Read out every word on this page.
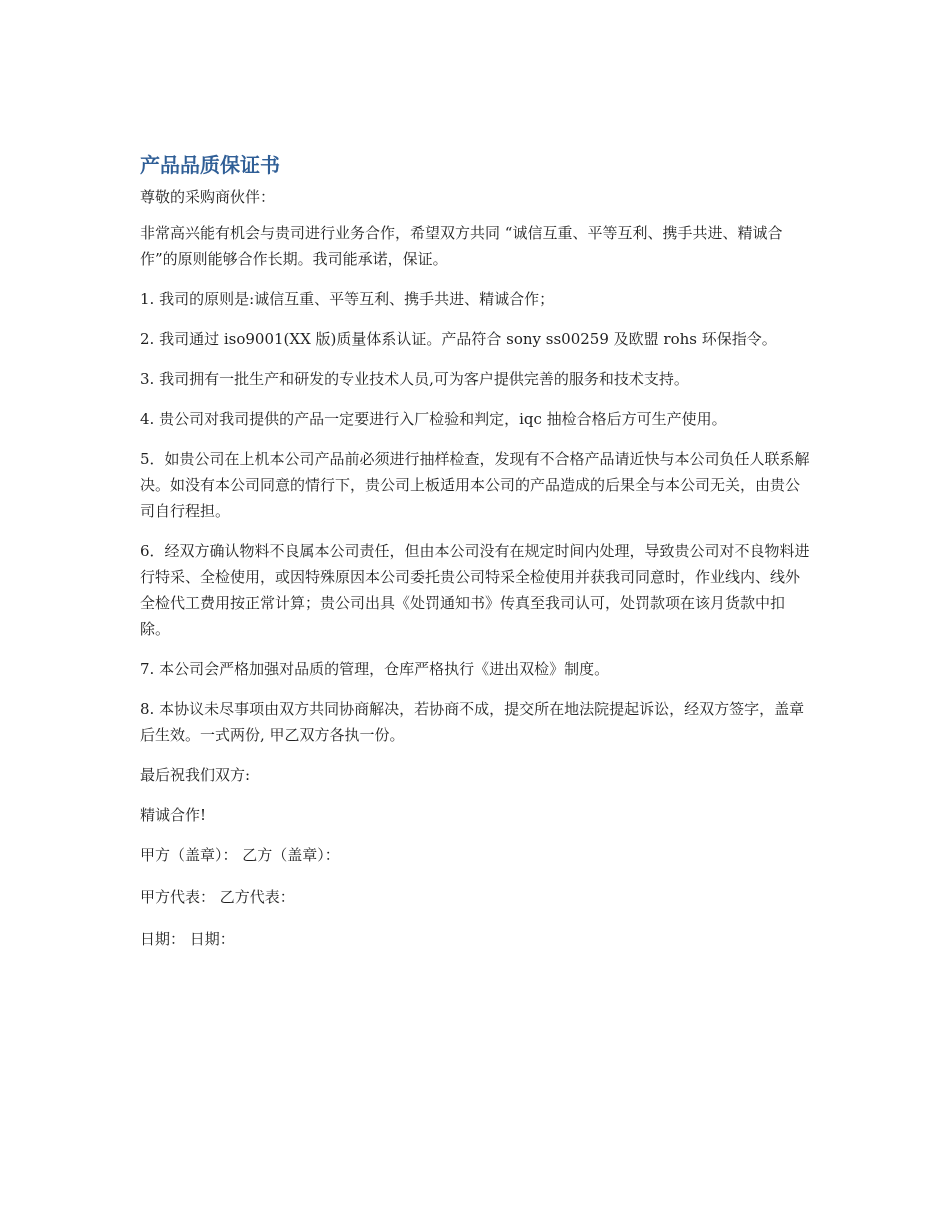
产品品质保证书

尊敬的采购商伙伴：

非常高兴能有机会与贵司进行业务合作，希望双方共同 “诚信互重、平等互利、携手共进、精诚合作”的原则能够合作长期。我司能承诺，保证。

1. 我司的原则是:诚信互重、平等互利、携手共进、精诚合作；

2. 我司通过 iso9001(XX 版)质量体系认证。产品符合 sony ss00259 及欧盟 rohs 环保指令。

3. 我司拥有一批生产和研发的专业技术人员,可为客户提供完善的服务和技术支持。

4. 贵公司对我司提供的产品一定要进行入厂检验和判定，iqc 抽检合格后方可生产使用。

5．如贵公司在上机本公司产品前必须进行抽样检查，发现有不合格产品请近快与本公司负任人联系解决。如没有本公司同意的情行下，贵公司上板适用本公司的产品造成的后果全与本公司无关，由贵公司自行程担。

6．经双方确认物料不良属本公司责任，但由本公司没有在规定时间内处理，导致贵公司对不良物料进行特采、全检使用，或因特殊原因本公司委托贵公司特采全检使用并获我司同意时，作业线内、线外全检代工费用按正常计算；贵公司出具《处罚通知书》传真至我司认可，处罚款项在该月货款中扣除。

7. 本公司会严格加强对品质的管理，仓库严格执行《进出双检》制度。

8. 本协议未尽事项由双方共同协商解决，若协商不成，提交所在地法院提起诉讼，经双方签字，盖章后生效。一式两份, 甲乙双方各执一份。

最后祝我们双方:

精诚合作!

甲方（盖章）： 乙方（盖章）：

甲方代表： 乙方代表：

日期： 日期：
